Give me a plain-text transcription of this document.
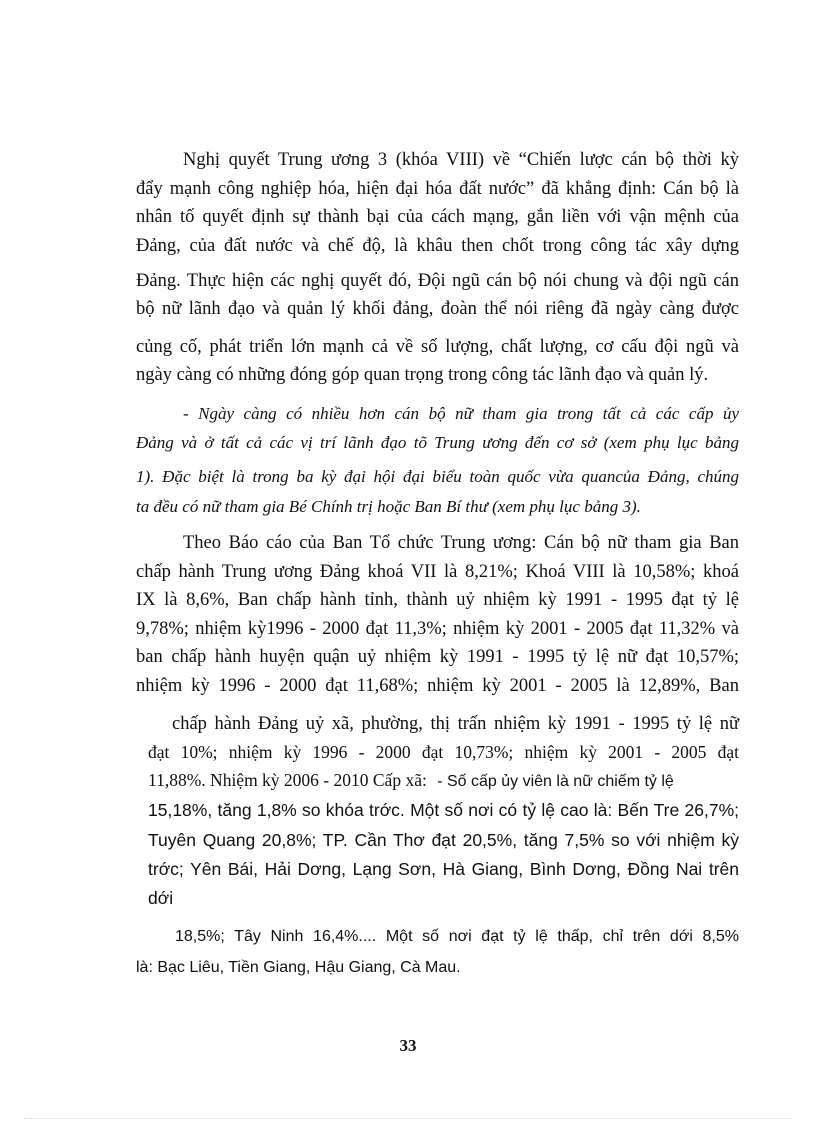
Nghị quyết Trung ương 3 (khóa VIII) về “Chiến lược cán bộ thời kỳ
đẩy mạnh công nghiệp hóa, hiện đại hóa đất nước” đã khẳng định: Cán bộ là
nhân tố quyết định sự thành bại của cách mạng, gắn liền với vận mệnh của
Đảng, của đất nước và chế độ, là khâu then chốt trong công tác xây dựng
Đảng. Thực hiện các nghị quyết đó, Đội ngũ cán bộ nói chung và đội ngũ cán
bộ nữ lãnh đạo và quản lý khối đảng, đoàn thể nói riêng đã ngày càng được
củng cố, phát triển lớn mạnh cả về số lượng, chất lượng, cơ cấu đội ngũ và
ngày càng có những đóng góp quan trọng trong công tác lãnh đạo và quản lý.
- Ngày càng có nhiều hơn cán bộ nữ tham gia trong tất cả các cấp ủy
Đảng và ở tất cả các vị trí lãnh đạo tõ Trung ương đến cơ sở (xem phụ lục bảng
1). Đặc biệt là trong ba kỳ đại hội đại biểu toàn quốc vừa quancủa Đảng, chúng
ta đều có nữ tham gia Bé Chính trị hoặc Ban Bí thư (xem phụ lục bảng 3).
Theo Báo cáo của Ban Tổ chức Trung ương: Cán bộ nữ tham gia Ban
chấp hành Trung ương Đảng khoá VII là 8,21%; Khoá VIII là 10,58%; khoá
IX là 8,6%, Ban chấp hành tỉnh, thành uỷ nhiệm kỳ 1991 - 1995 đạt tỷ lệ
9,78%; nhiệm kỳ1996 - 2000 đạt 11,3%; nhiệm kỳ 2001 - 2005 đạt 11,32% và
ban chấp hành huyện quận uỷ nhiệm kỳ 1991 - 1995 tỷ lệ nữ đạt 10,57%;
nhiệm kỳ 1996 - 2000 đạt 11,68%; nhiệm kỳ 2001 - 2005 là 12,89%, Ban
chấp hành Đảng uỷ xã, phường, thị trấn nhiệm kỳ 1991 - 1995 tỷ lệ nữ
đạt 10%; nhiệm kỳ 1996 - 2000 đạt 10,73%; nhiệm kỳ 2001 - 2005 đạt
11,88%. Nhiệm kỳ 2006 - 2010 Cấp xã: - Số cấp ủy viên là nữ chiếm tỷ lệ
15,18%, tăng 1,8% so khóa trớc. Một số nơi có tỷ lệ cao là: Bến Tre 26,7%;
Tuyên Quang 20,8%; TP. Cần Thơ đạt 20,5%, tăng 7,5% so với nhiệm kỳ
trớc; Yên Bái, Hải Dơng, Lạng Sơn, Hà Giang, Bình Dơng, Đồng Nai trên
dới
18,5%; Tây Ninh 16,4%.... Một số nơi đạt tỷ lệ thấp, chỉ trên dới 8,5%
là: Bạc Liêu, Tiền Giang, Hậu Giang, Cà Mau.
33
